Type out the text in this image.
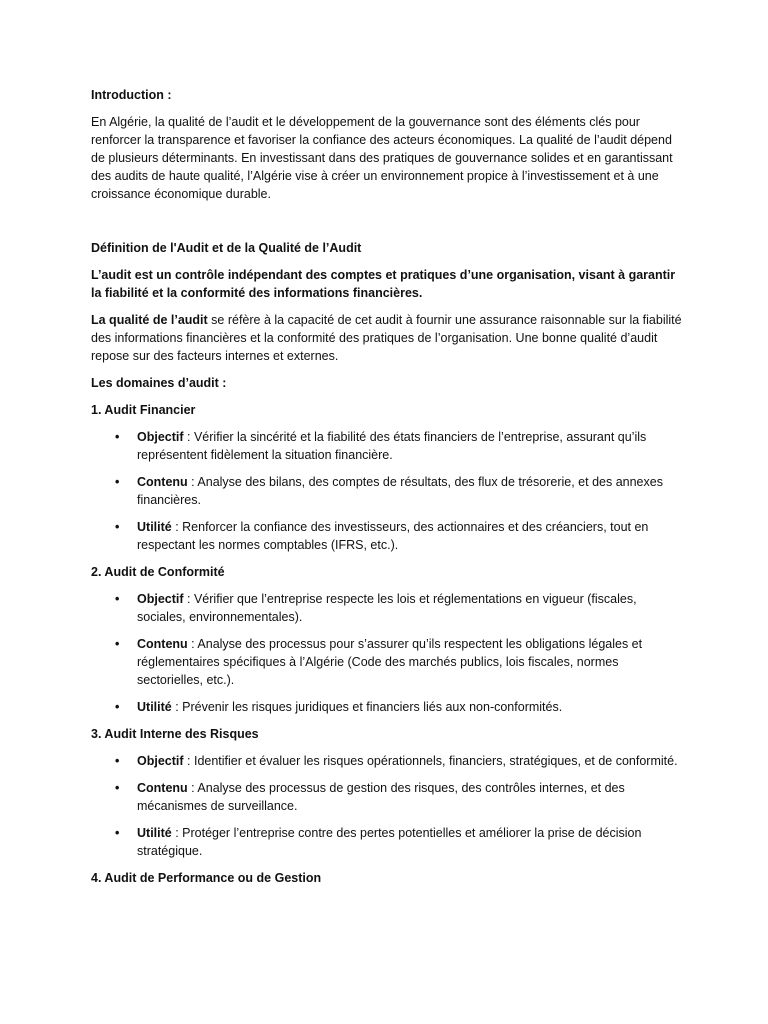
Introduction :

En Algérie, la qualité de l’audit et le développement de la gouvernance sont des éléments clés pour renforcer la transparence et favoriser la confiance des acteurs économiques. La qualité de l’audit dépend de plusieurs déterminants. En investissant dans des pratiques de gouvernance solides et en garantissant des audits de haute qualité, l’Algérie vise à créer un environnement propice à l’investissement et à une croissance économique durable.

Définition de l'Audit et de la Qualité de l’Audit

L’audit est un contrôle indépendant des comptes et pratiques d’une organisation, visant à garantir la fiabilité et la conformité des informations financières.

La qualité de l’audit se réfère à la capacité de cet audit à fournir une assurance raisonnable sur la fiabilité des informations financières et la conformité des pratiques de l’organisation. Une bonne qualité d’audit repose sur des facteurs internes et externes.

Les domaines d’audit :

1. Audit Financier

• Objectif : Vérifier la sincérité et la fiabilité des états financiers de l’entreprise, assurant qu’ils représentent fidèlement la situation financière.
• Contenu : Analyse des bilans, des comptes de résultats, des flux de trésorerie, et des annexes financières.
• Utilité : Renforcer la confiance des investisseurs, des actionnaires et des créanciers, tout en respectant les normes comptables (IFRS, etc.).

2. Audit de Conformité

• Objectif : Vérifier que l’entreprise respecte les lois et réglementations en vigueur (fiscales, sociales, environnementales).
• Contenu : Analyse des processus pour s’assurer qu’ils respectent les obligations légales et réglementaires spécifiques à l’Algérie (Code des marchés publics, lois fiscales, normes sectorielles, etc.).
• Utilité : Prévenir les risques juridiques et financiers liés aux non-conformités.

3. Audit Interne des Risques

• Objectif : Identifier et évaluer les risques opérationnels, financiers, stratégiques, et de conformité.
• Contenu : Analyse des processus de gestion des risques, des contrôles internes, et des mécanismes de surveillance.
• Utilité : Protéger l’entreprise contre des pertes potentielles et améliorer la prise de décision stratégique.

4. Audit de Performance ou de Gestion
